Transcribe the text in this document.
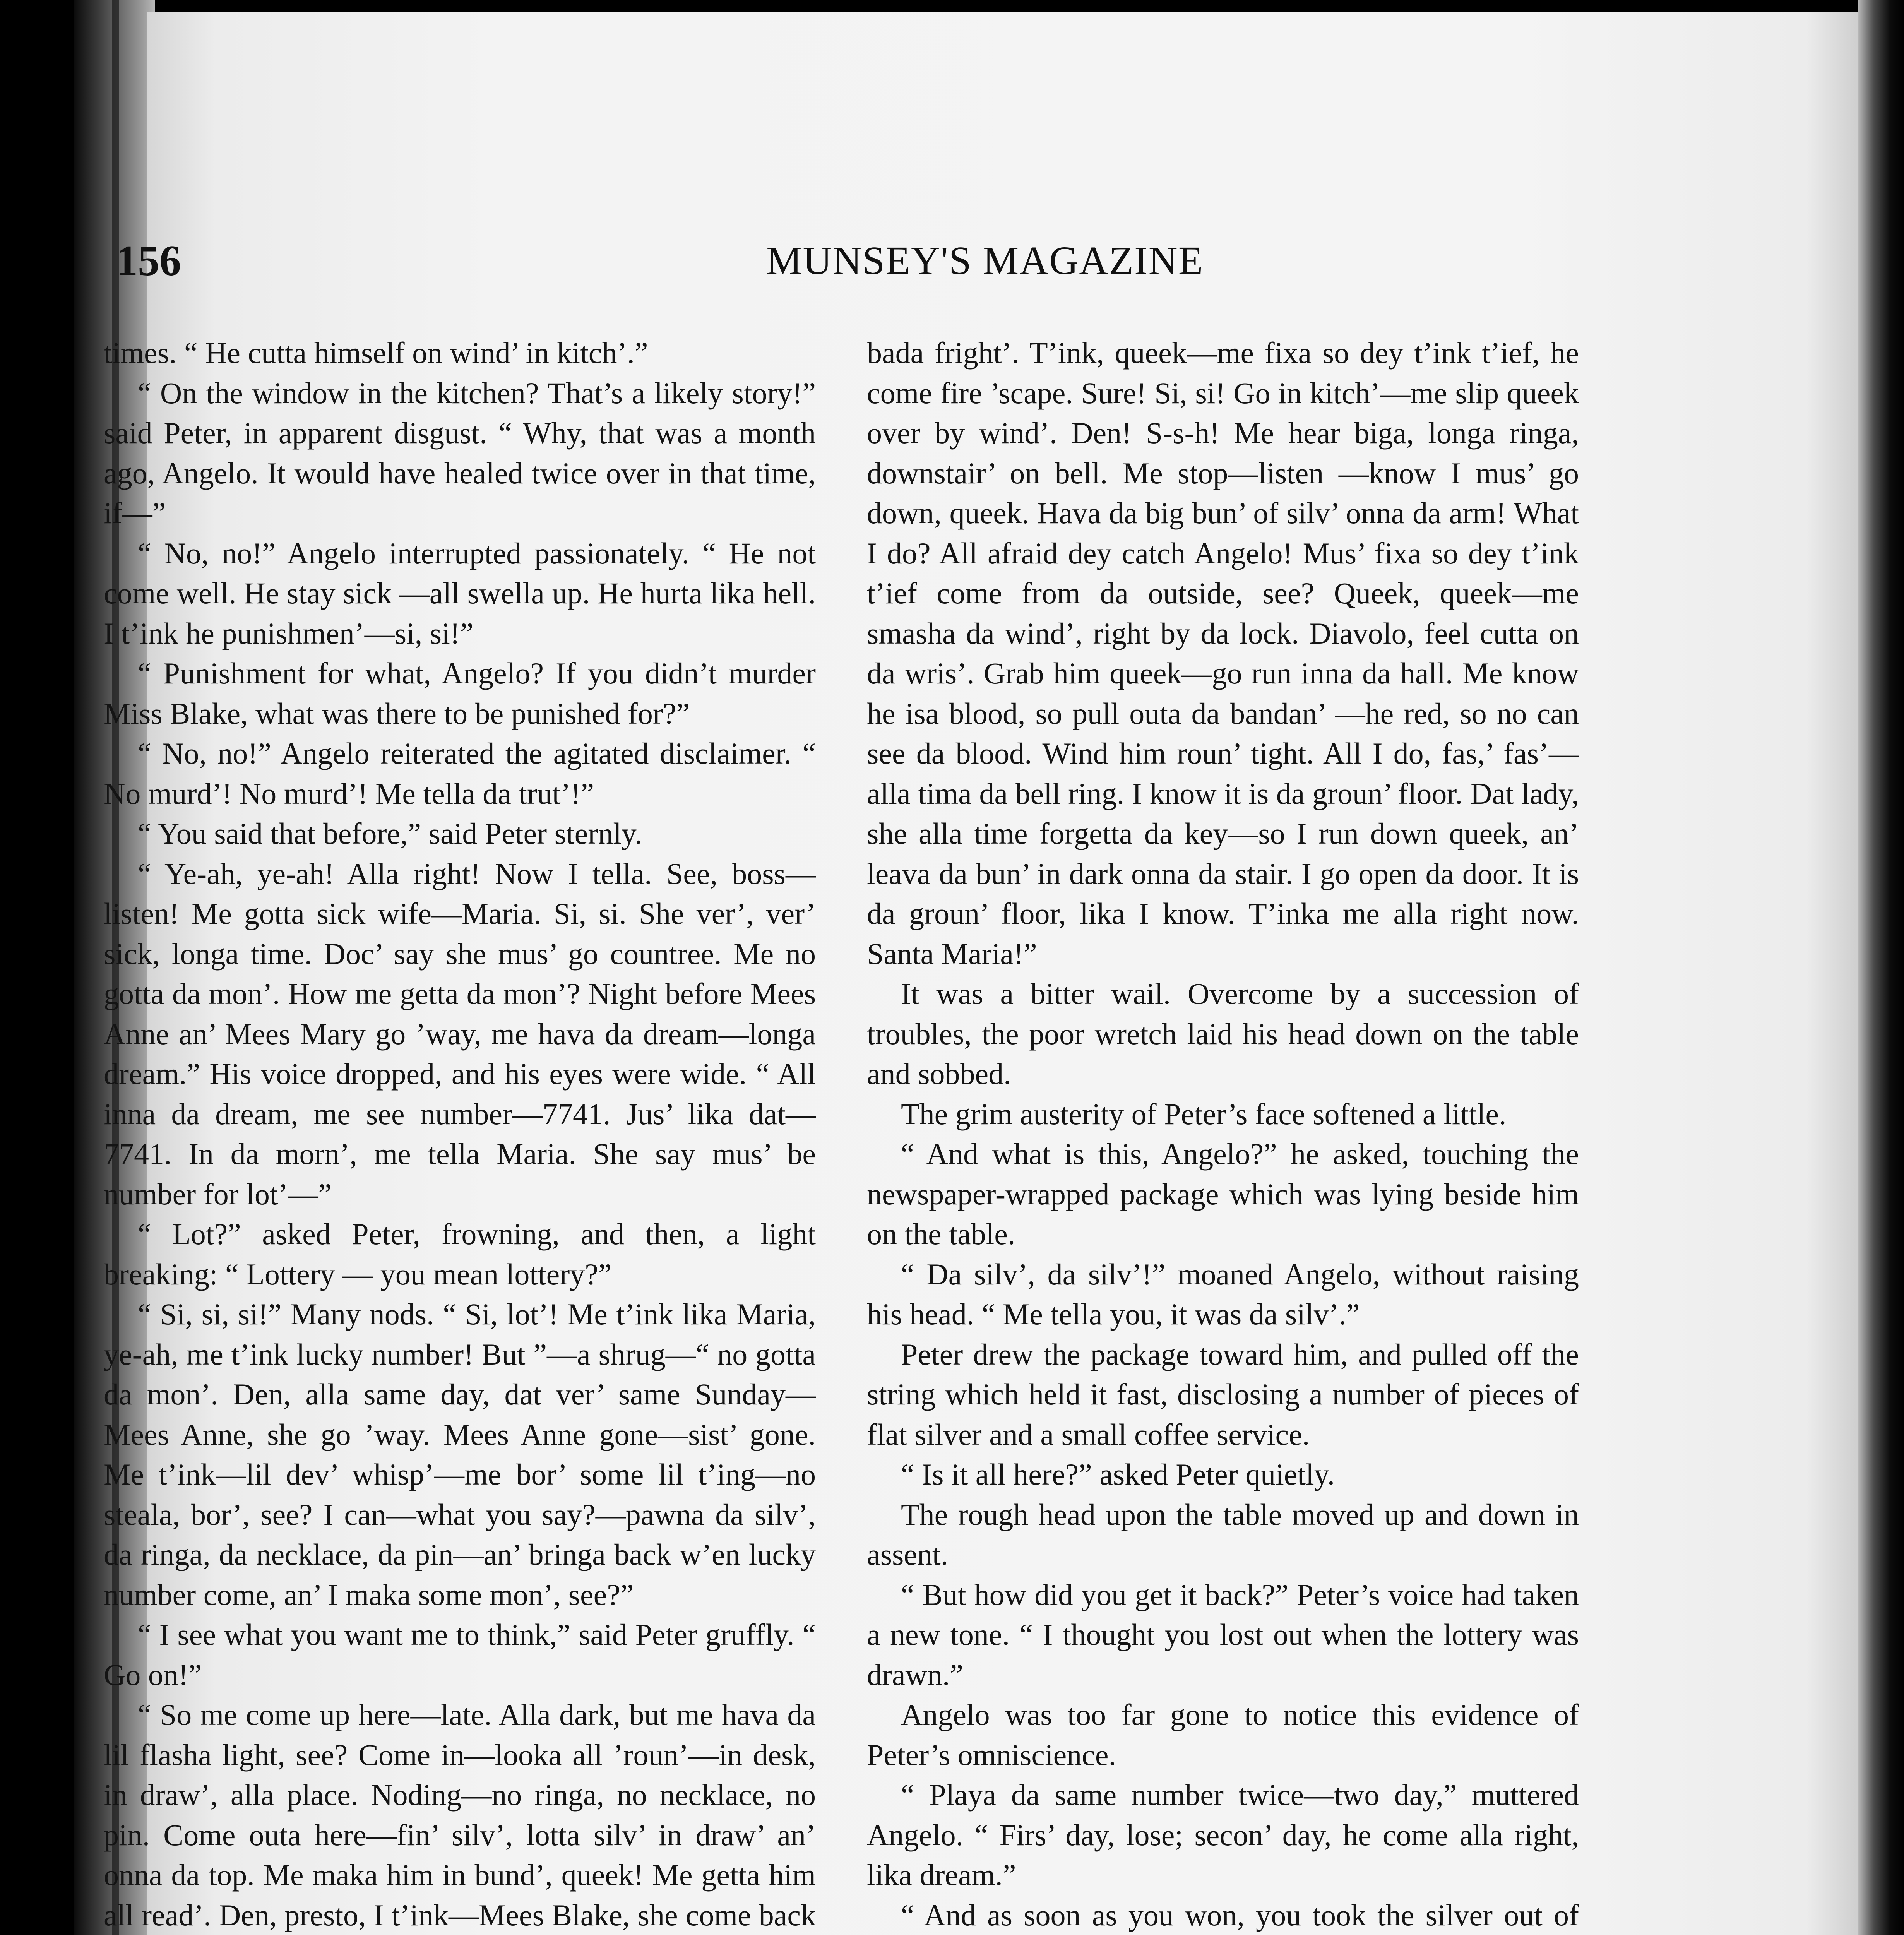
156	MUNSEY'S MAGAZINE

times. “ He cutta himself on wind’ in kitch’.”

“ On the window in the kitchen? That’s a likely story!” said Peter, in apparent disgust. “ Why, that was a month ago, Angelo. It would have healed twice over in that time, if—”

“ No, no!” Angelo interrupted passionately. “ He not come well. He stay sick —all swella up. He hurta lika hell. I t’ink he punishmen’—si, si!”

“ Punishment for what, Angelo? If you didn’t murder Miss Blake, what was there to be punished for?”

“ No, no!” Angelo reiterated the agitated disclaimer. “ No murd’! No murd’! Me tella da trut’!”

“ You said that before,” said Peter sternly.

“ Ye-ah, ye-ah! Alla right! Now I tella. See, boss—listen! Me gotta sick wife—Maria. Si, si. She ver’, ver’ sick, longa time. Doc’ say she mus’ go countree. Me no gotta da mon’. How me getta da mon’? Night before Mees Anne an’ Mees Mary go ’way, me hava da dream—longa dream.” His voice dropped, and his eyes were wide. “ All inna da dream, me see number—7741. Jus’ lika dat—7741. In da morn’, me tella Maria. She say mus’ be number for lot’—”

“ Lot?” asked Peter, frowning, and then, a light breaking: “ Lottery — you mean lottery?”

“ Si, si, si!” Many nods. “ Si, lot’! Me t’ink lika Maria, ye-ah, me t’ink lucky number! But ”—a shrug—“ no gotta da mon’. Den, alla same day, dat ver’ same Sunday—Mees Anne, she go ’way. Mees Anne gone—sist’ gone. Me t’ink—lil dev’ whisp’—me bor’ some lil t’ing—no steala, bor’, see? I can—what you say?—pawna da silv’, da ringa, da necklace, da pin—an’ bringa back w’en lucky number come, an’ I maka some mon’, see?”

“ I see what you want me to think,” said Peter gruffly. “ Go on!”

“ So me come up here—late. Alla dark, but me hava da lil flasha light, see? Come in—looka all ’roun’—in desk, in draw’, alla place. Noding—no ringa, no necklace, no pin. Come outa here—fin’ silv’, lotta silv’ in draw’ an’ onna da top. Me maka him in bund’, queek! Me getta him all read’. Den, presto, I t’ink—Mees Blake, she come back

bada fright’. T’ink, queek—me fixa so dey t’ink t’ief, he come fire ’scape. Sure! Si, si! Go in kitch’—me slip queek over by wind’. Den! S-s-h! Me hear biga, longa ringa, downstair’ on bell. Me stop—listen —know I mus’ go down, queek. Hava da big bun’ of silv’ onna da arm! What I do? All afraid dey catch Angelo! Mus’ fixa so dey t’ink t’ief come from da outside, see? Queek, queek—me smasha da wind’, right by da lock. Diavolo, feel cutta on da wris’. Grab him queek—go run inna da hall. Me know he isa blood, so pull outa da bandan’ —he red, so no can see da blood. Wind him roun’ tight. All I do, fas,’ fas’—alla tima da bell ring. I know it is da groun’ floor. Dat lady, she alla time forgetta da key—so I run down queek, an’ leava da bun’ in dark onna da stair. I go open da door. It is da groun’ floor, lika I know. T’inka me alla right now. Santa Maria!”

It was a bitter wail. Overcome by a succession of troubles, the poor wretch laid his head down on the table and sobbed.

The grim austerity of Peter’s face softened a little.

“ And what is this, Angelo?” he asked, touching the newspaper-wrapped package which was lying beside him on the table.

“ Da silv’, da silv’!” moaned Angelo, without raising his head. “ Me tella you, it was da silv’.”

Peter drew the package toward him, and pulled off the string which held it fast, disclosing a number of pieces of flat silver and a small coffee service.

“ Is it all here?” asked Peter quietly.

The rough head upon the table moved up and down in assent.

“ But how did you get it back?” Peter’s voice had taken a new tone. “ I thought you lost out when the lottery was drawn.”

Angelo was too far gone to notice this evidence of Peter’s omniscience.

“ Playa da same number twice—two day,” muttered Angelo. “ Firs’ day, lose; secon’ day, he come alla right, lika dream.”

“ And as soon as you won, you took the silver out of
